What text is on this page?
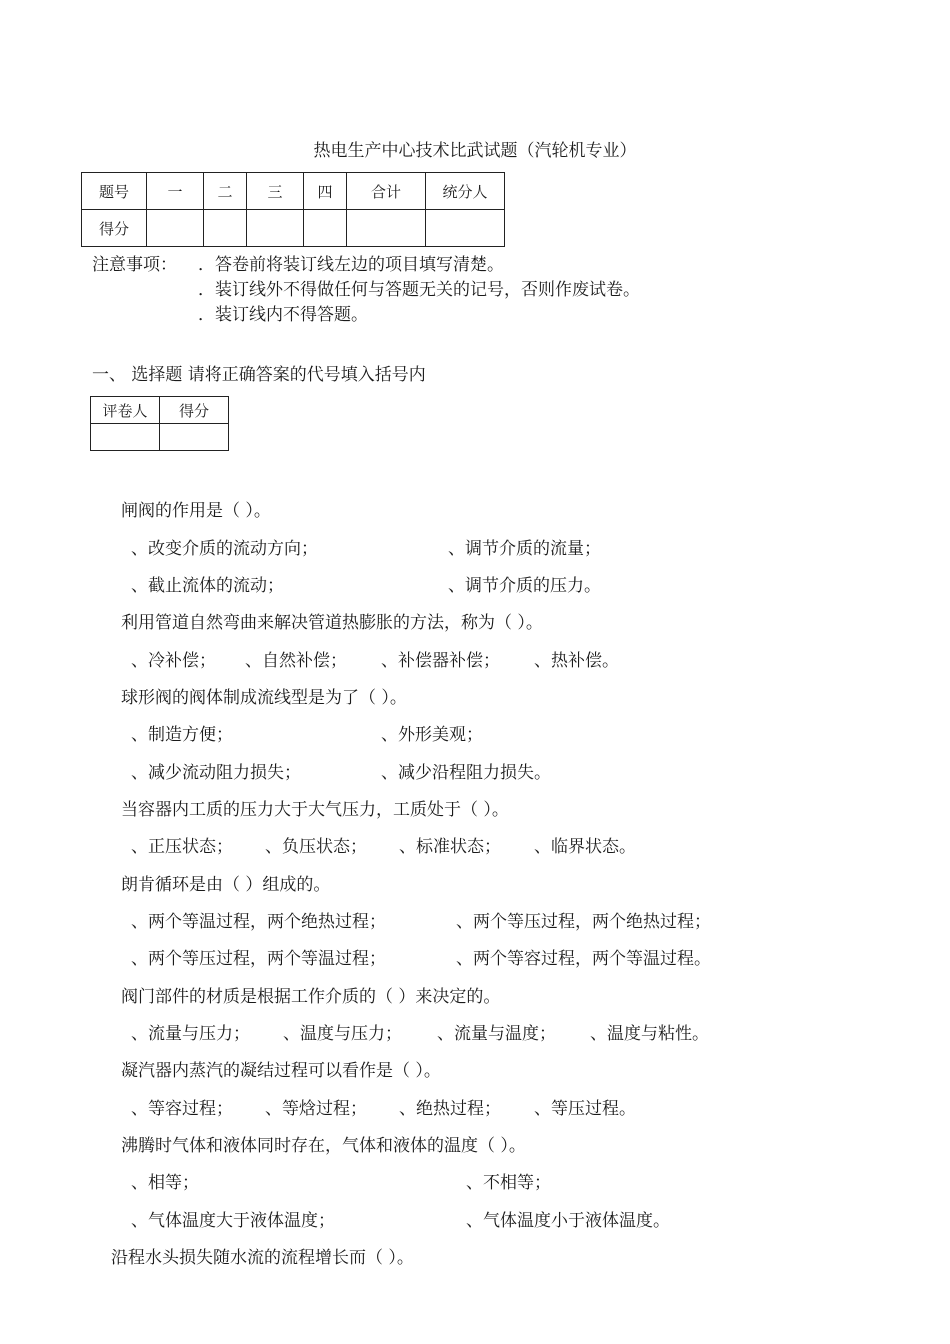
热电生产中心技术比武试题（汽轮机专业）
题号	一	二	三	四	合计	统分人
得分						
注意事项： ．答卷前将装订线左边的项目填写清楚。
．装订线外不得做任何与答题无关的记号，否则作废试卷。
．装订线内不得答题。
一、 选择题 请将正确答案的代号填入括号内
评卷人	得分

闸阀的作用是（ ）。
、改变介质的流动方向；	、调节介质的流量；
、截止流体的流动；	、调节介质的压力。
利用管道自然弯曲来解决管道热膨胀的方法，称为（ ）。
、冷补偿； 、自然补偿； 、补偿器补偿； 、热补偿。
球形阀的阀体制成流线型是为了（ ）。
、制造方便；	、外形美观；
、减少流动阻力损失；	、减少沿程阻力损失。
当容器内工质的压力大于大气压力，工质处于（ ）。
、正压状态； 、负压状态； 、标准状态； 、临界状态。
朗肯循环是由（ ）组成的。
、两个等温过程，两个绝热过程；	、两个等压过程，两个绝热过程；
、两个等压过程，两个等温过程；	、两个等容过程，两个等温过程。
阀门部件的材质是根据工作介质的（ ）来决定的。
、流量与压力； 、温度与压力； 、流量与温度； 、温度与粘性。
凝汽器内蒸汽的凝结过程可以看作是（ ）。
、等容过程； 、等焓过程； 、绝热过程； 、等压过程。
沸腾时气体和液体同时存在，气体和液体的温度（ ）。
、相等；	、不相等；
、气体温度大于液体温度；	、气体温度小于液体温度。
沿程水头损失随水流的流程增长而（ ）。
